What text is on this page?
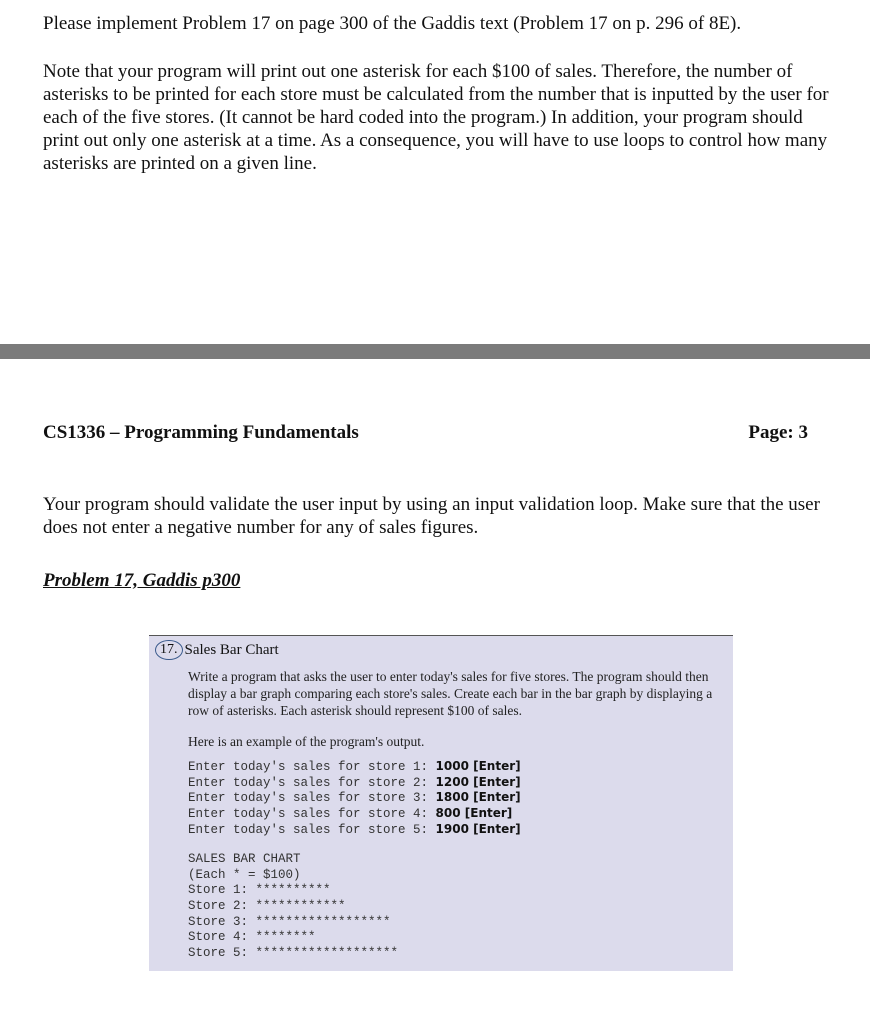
Please implement Problem 17 on page 300 of the Gaddis text (Problem 17 on p. 296 of 8E).

Note that your program will print out one asterisk for each $100 of sales. Therefore, the number of asterisks to be printed for each store must be calculated from the number that is inputted by the user for each of the five stores. (It cannot be hard coded into the program.) In addition, your program should print out only one asterisk at a time. As a consequence, you will have to use loops to control how many asterisks are printed on a given line.

CS1336 – Programming Fundamentals	Page: 3

Your program should validate the user input by using an input validation loop. Make sure that the user does not enter a negative number for any of sales figures.

Problem 17, Gaddis p300
17. Sales Bar Chart

Write a program that asks the user to enter today's sales for five stores. The program should then display a bar graph comparing each store's sales. Create each bar in the bar graph by displaying a row of asterisks. Each asterisk should represent $100 of sales.

Here is an example of the program's output.

Enter today's sales for store 1: 1000 [Enter]
Enter today's sales for store 2: 1200 [Enter]
Enter today's sales for store 3: 1800 [Enter]
Enter today's sales for store 4: 800 [Enter]
Enter today's sales for store 5: 1900 [Enter]
SALES BAR CHART
(Each * = $100)
Store 1: **********
Store 2: ************
Store 3: ******************
Store 4: ********
Store 5: *******************
